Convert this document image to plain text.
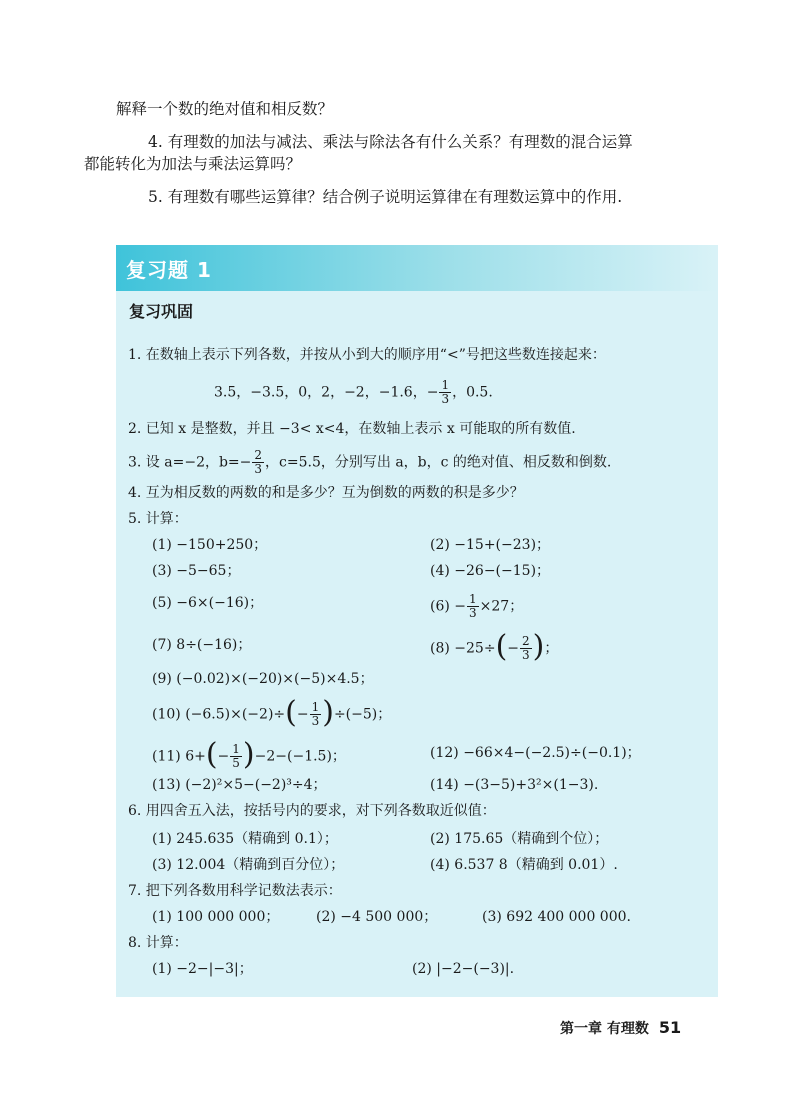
解释一个数的绝对值和相反数？

4. 有理数的加法与减法、乘法与除法各有什么关系？有理数的混合运算
都能转化为加法与乘法运算吗？

5. 有理数有哪些运算律？结合例子说明运算律在有理数运算中的作用.

复习题 1
复习巩固
1. 在数轴上表示下列各数，并按从小到大的顺序用“<”号把这些数连接起来：
3.5，−3.5，0，2，−2，−1.6，− $\frac{1}{3}$ ，0.5.
2. 已知 x 是整数，并且 −3< x<4，在数轴上表示 x 可能取的所有数值.
3. 设 a=−2，$b=- \frac{2}{3}$ ，c=5.5，分别写出 a，b，c 的绝对值、相反数和倒数.
4. 互为相反数的两数的和是多少？互为倒数的两数的积是多少？
5. 计算：
(1) −150+250；	(2) −15+(−23)；
(3) −5−65；	(4) −26−(−15)；
(5) −6×(−16)；	$(6) - \frac{1}{3} \times 27$；
(7) 8÷(−16)；	$(8) -25\div(- \frac{2}{3}$ )；
(9) (−0.02)×(−20)×(−5)×4.5；
(10) $(-6.5)\times(-2)\div(- \frac{1}{3} )\div(-5)$；
(11) $6+(- \frac{1}{5} )-2-(-1.5)$；	(12) −66×4−(−2.5)÷(−0.1)；
(13) (−2)²×5−(−2)³÷4；	(14) −(3−5)+3²×(1−3).
6. 用四舍五入法，按括号内的要求，对下列各数取近似值：
(1) 245.635（精确到 0.1）；	(2) 175.65（精确到个位）；
(3) 12.004（精确到百分位）；	(4) 6.537 8（精确到 0.01）.
7. 把下列各数用科学记数法表示：
(1) 100 000 000；	(2) −4 500 000；	(3) 692 400 000 000.
8. 计算：
(1) −2−|−3|；	(2) |−2−(−3)|.
第一章 有理数 51
